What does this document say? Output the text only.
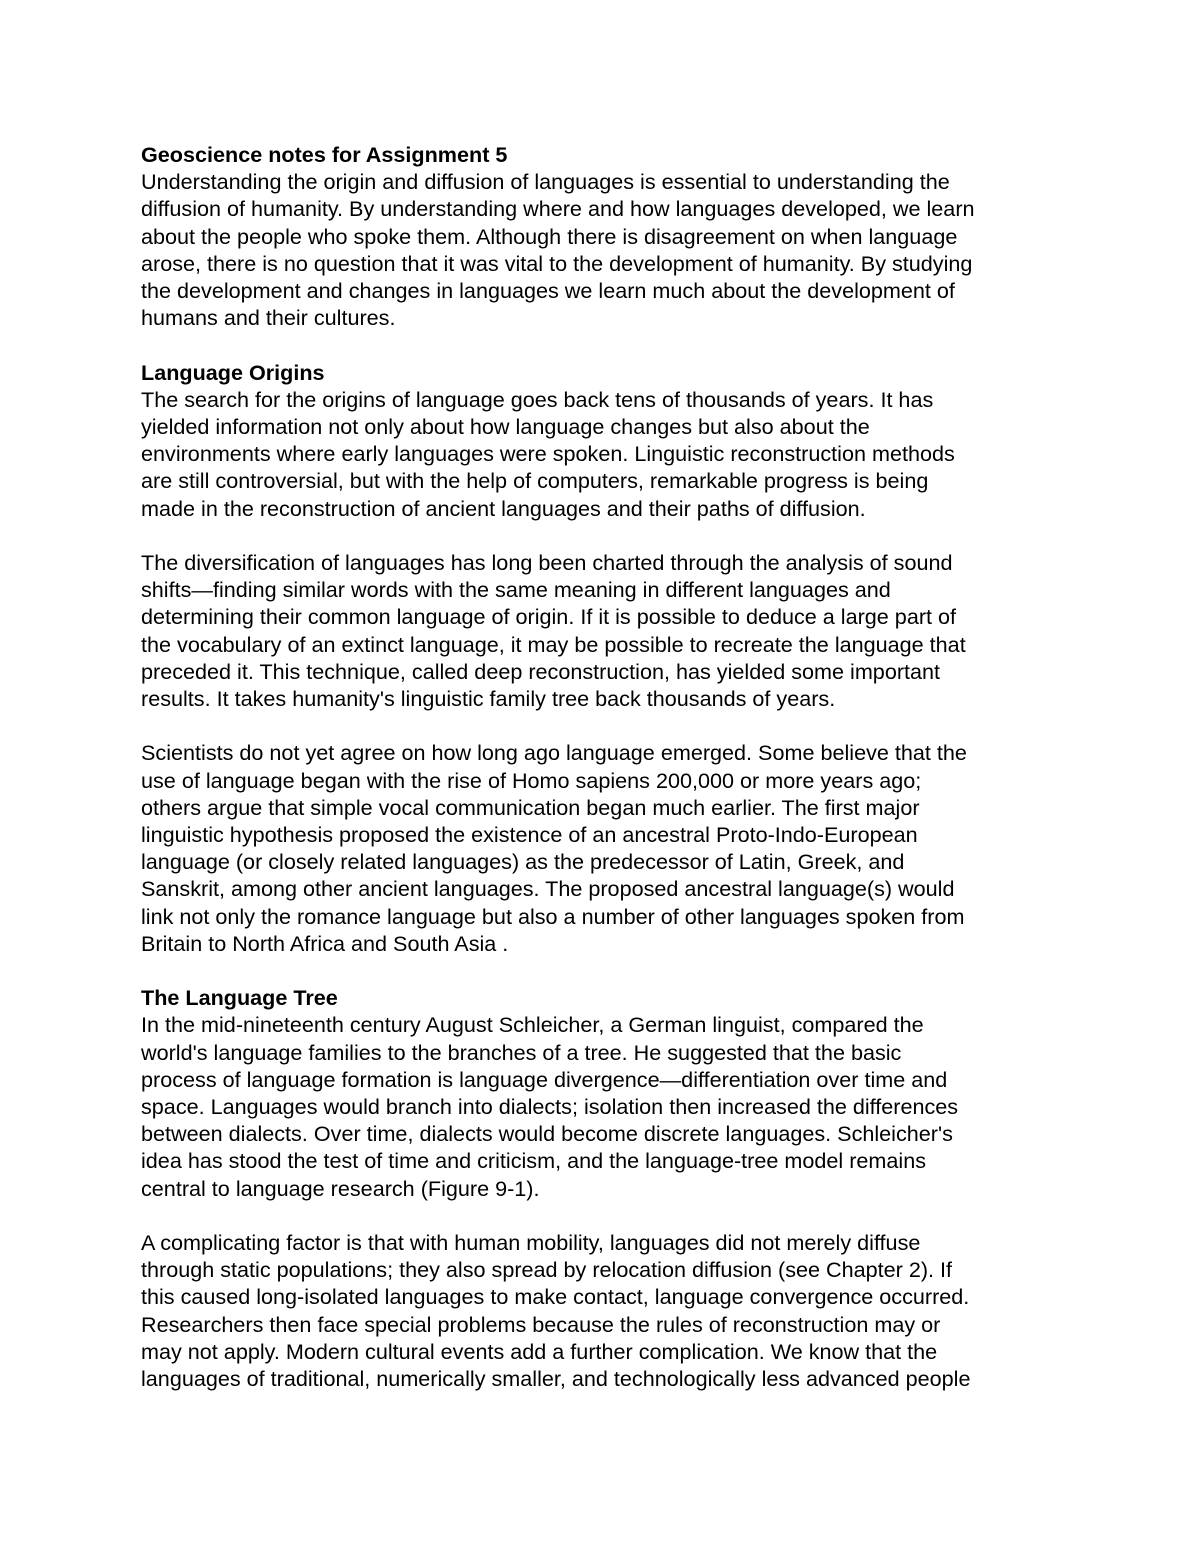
Geoscience notes for Assignment 5
Understanding the origin and diffusion of languages is essential to understanding the
diffusion of humanity. By understanding where and how languages developed, we learn
about the people who spoke them. Although there is disagreement on when language
arose, there is no question that it was vital to the development of humanity. By studying
the development and changes in languages we learn much about the development of
humans and their cultures.
Language Origins
The search for the origins of language goes back tens of thousands of years. It has
yielded information not only about how language changes but also about the
environments where early languages were spoken. Linguistic reconstruction methods
are still controversial, but with the help of computers, remarkable progress is being
made in the reconstruction of ancient languages and their paths of diffusion.
The diversification of languages has long been charted through the analysis of sound
shifts—finding similar words with the same meaning in different languages and
determining their common language of origin. If it is possible to deduce a large part of
the vocabulary of an extinct language, it may be possible to recreate the language that
preceded it. This technique, called deep reconstruction, has yielded some important
results. It takes humanity's linguistic family tree back thousands of years.
Scientists do not yet agree on how long ago language emerged. Some believe that the
use of language began with the rise of Homo sapiens 200,000 or more years ago;
others argue that simple vocal communication began much earlier. The first major
linguistic hypothesis proposed the existence of an ancestral Proto-Indo-European
language (or closely related languages) as the predecessor of Latin, Greek, and
Sanskrit, among other ancient languages. The proposed ancestral language(s) would
link not only the romance language but also a number of other languages spoken from
Britain to North Africa and South Asia .
The Language Tree
In the mid-nineteenth century August Schleicher, a German linguist, compared the
world's language families to the branches of a tree. He suggested that the basic
process of language formation is language divergence—differentiation over time and
space. Languages would branch into dialects; isolation then increased the differences
between dialects. Over time, dialects would become discrete languages. Schleicher's
idea has stood the test of time and criticism, and the language-tree model remains
central to language research (Figure 9-1).
A complicating factor is that with human mobility, languages did not merely diffuse
through static populations; they also spread by relocation diffusion (see Chapter 2). If
this caused long-isolated languages to make contact, language convergence occurred.
Researchers then face special problems because the rules of reconstruction may or
may not apply. Modern cultural events add a further complication. We know that the
languages of traditional, numerically smaller, and technologically less advanced people
